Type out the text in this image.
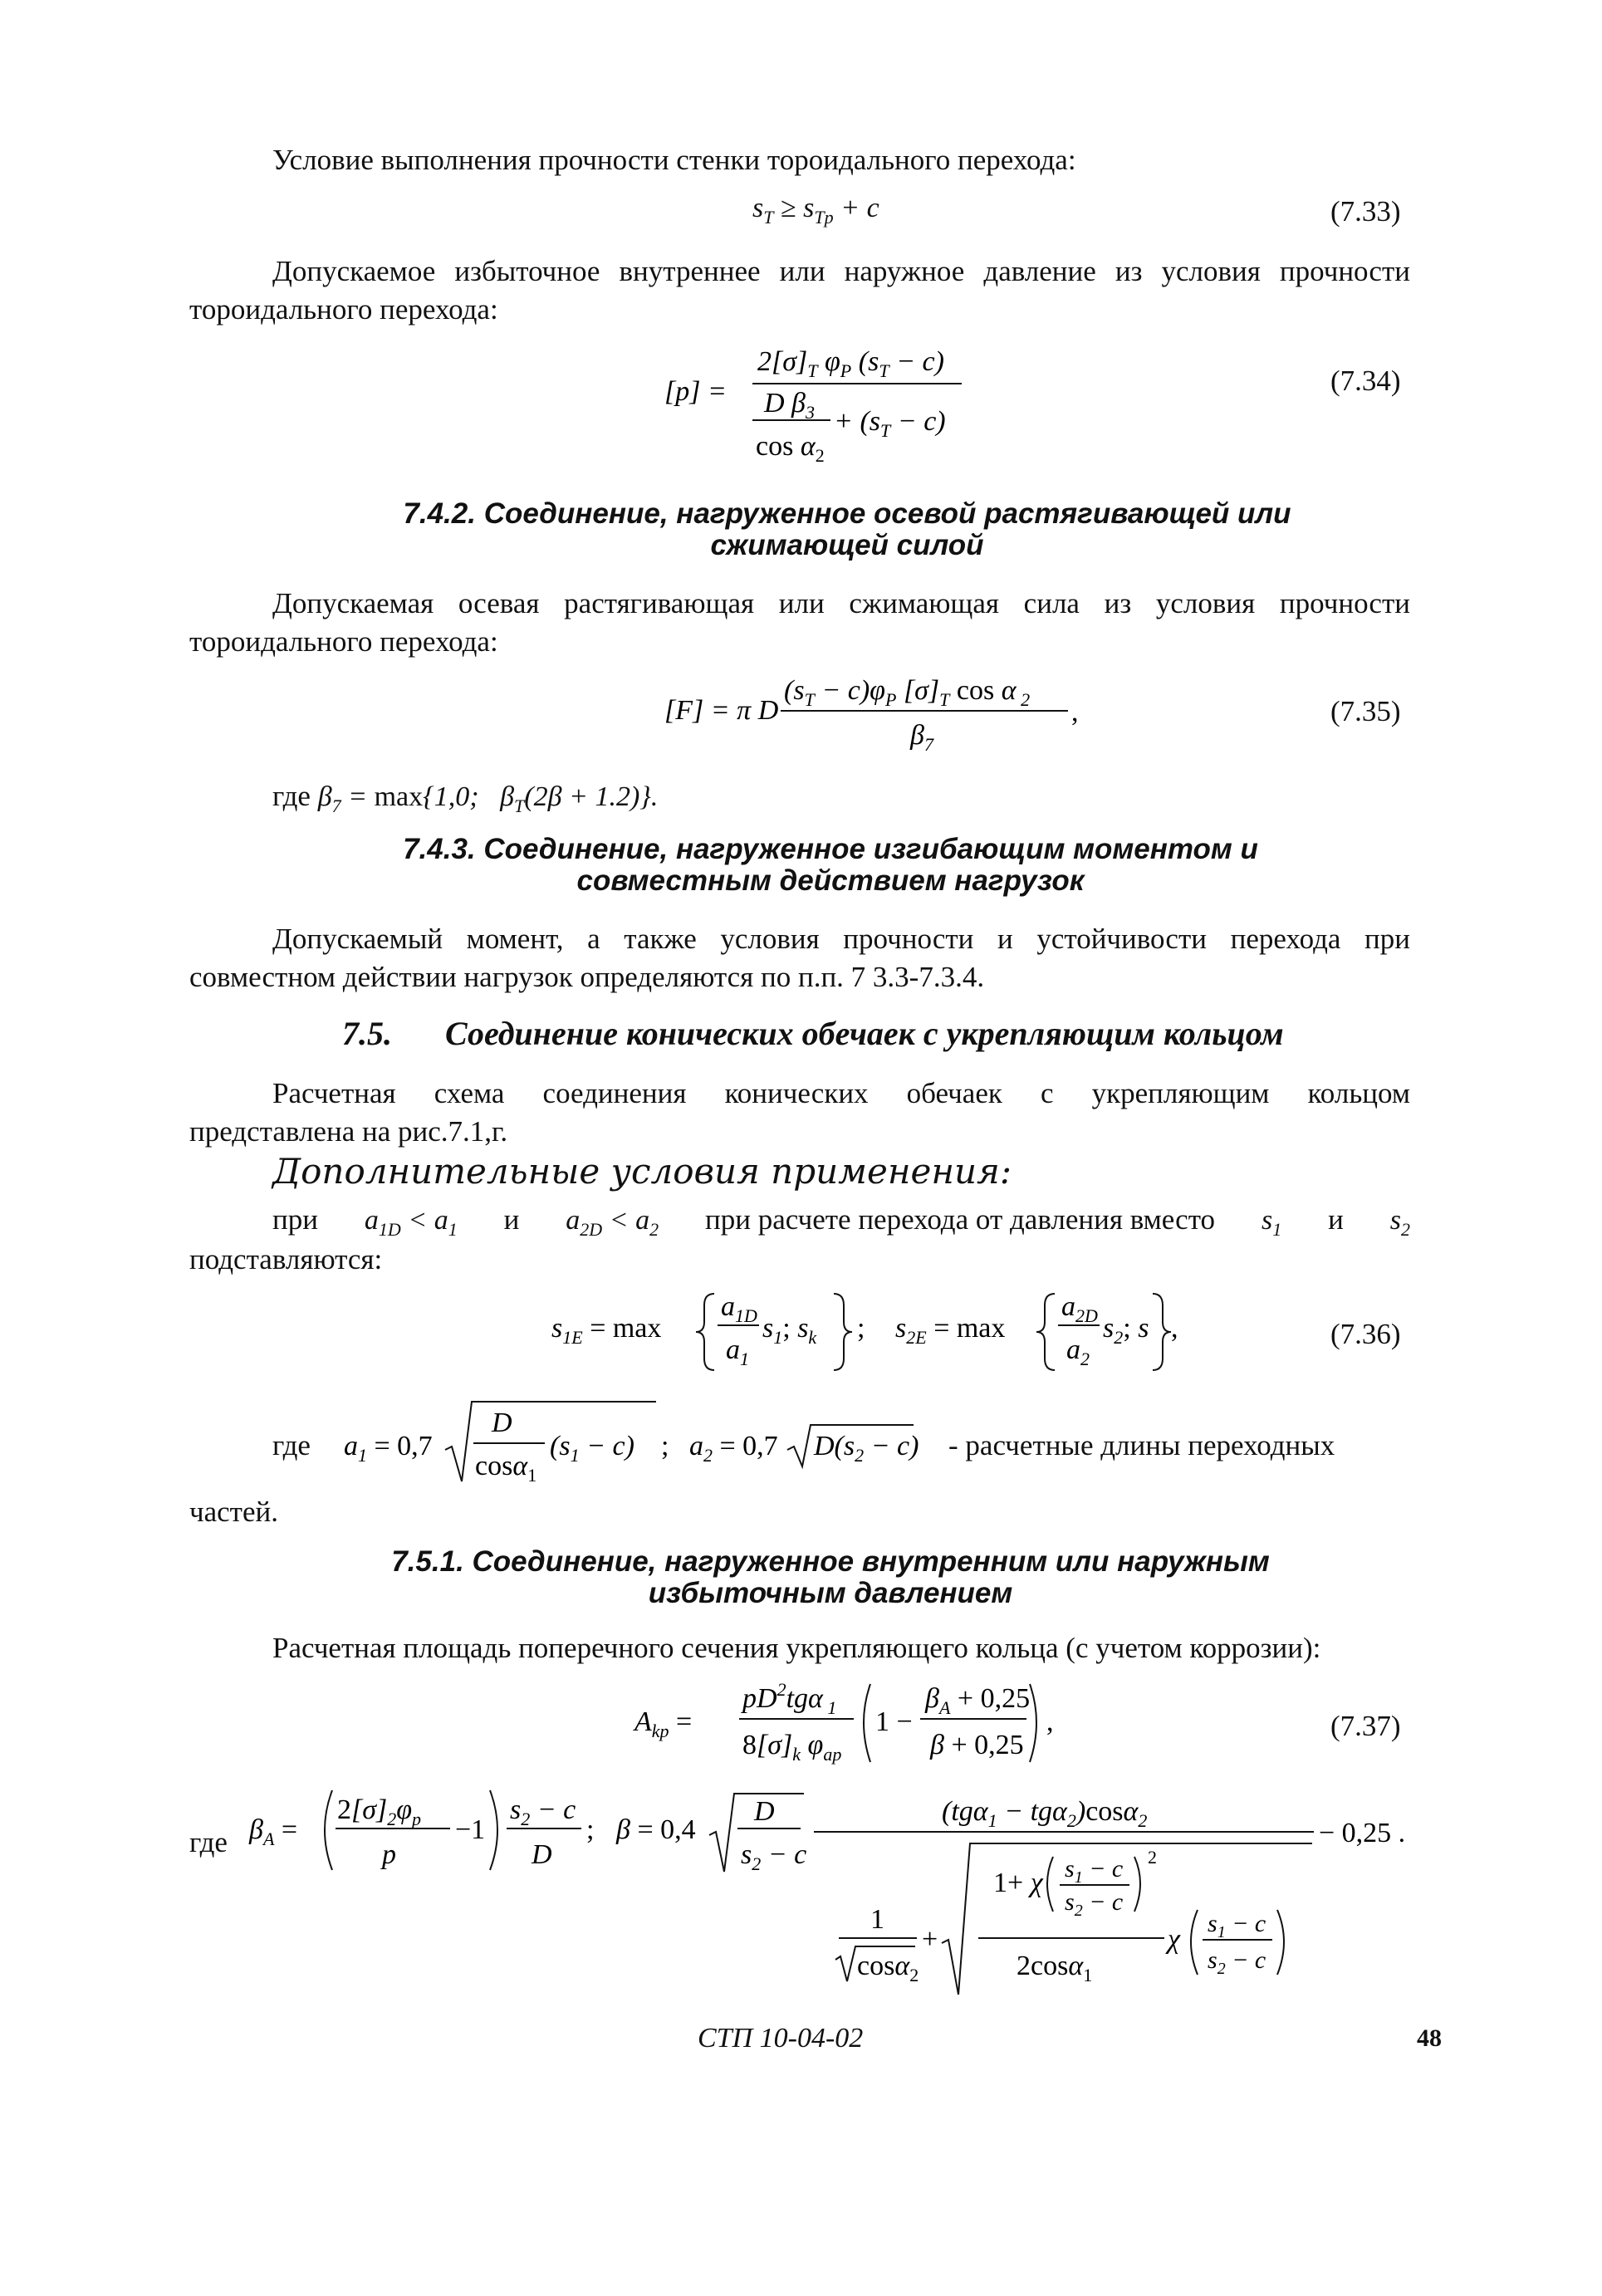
Условие выполнения прочности стенки тороидального перехода:
$s_T \ge s_{Tp} + c$	(7.33)
Допускаемое избыточное внутреннее или наружное давление из условия прочности
тороидального перехода:
[p] =
$2[\sigma]_T$ $\varphi_P$ $(s_T - c)$
D $\beta_3 + (s_T - c)$
$\cos \alpha_2$
(7.34)
7.4.2. Соединение, нагруженное осевой растягивающей или
сжимающей силой
Допускаемая осевая растягивающая или сжимающая сила из условия прочности
тороидального перехода:
[F] = π D
$(s_T - c)\varphi_P$ $[\sigma]_T$ cos α $_2$
$\beta_7$
,	(7.35)
где $\beta_7 = \max\{1,0$;   $\beta_T(2\beta + 1.2)$}.
7.4.3. Соединение, нагруженное изгибающим моментом и
совместным действием нагрузок
Допускаемый момент, а также условия прочности и устойчивости перехода при
совместном действии нагрузок определяются по п.п. 7 3.3-7.3.4.
7.5. Соединение конических обечаек с укрепляющим кольцом
Расчетная схема соединения конических обечаек с укрепляющим кольцом
представлена на рис.7.1,г.
Дополнительные условия применения:
при $a_{1D} < a_1$ и $a_{2D} < a_2$ при расчете перехода от давления вместо $s_1$ и $s_2$
подставляются:
$s_{1E} = \max$
$a_{1D}$
$a_1$
$s_1$; $s_k$ ; $s_{2E} = \max$
$a_{2D}$
$a_2$
$s_2$; s ,	(7.36)
где $a_1 = 0,7$
D
cosα$_1$
$(s_1 - c)$ ; $a_2 = 0,7$ $D(s_2 - c)$ - расчетные длины переходных
частей.
7.5.1. Соединение, нагруженное внутренним или наружным
избыточным давлением
Расчетная площадь поперечного сечения укрепляющего кольца (с учетом коррозии):
$A_{kp}$ =
$pD^2tg\alpha$ $_1$
$8[\sigma]_k$ $\varphi_{ap}$
1 −
$\beta_A + 0,25$
β + 0,25
,	(7.37)
где $\beta_A$ =
$2[\sigma]_2\varphi_p$
p
−1
$s_2 - c$
D
; β = 0,4
D
$s_2 - c$
(tgα$_1$ − tgα$_2$)cosα$_2$	− 0,25 .
1
cosα$_2$
+
1+ χ $s_1 - c$
$s_2 - c$
2
2cosα$_1$
χ
$s_1 - c$
$s_2 - c$
СТП 10-04-02	48
